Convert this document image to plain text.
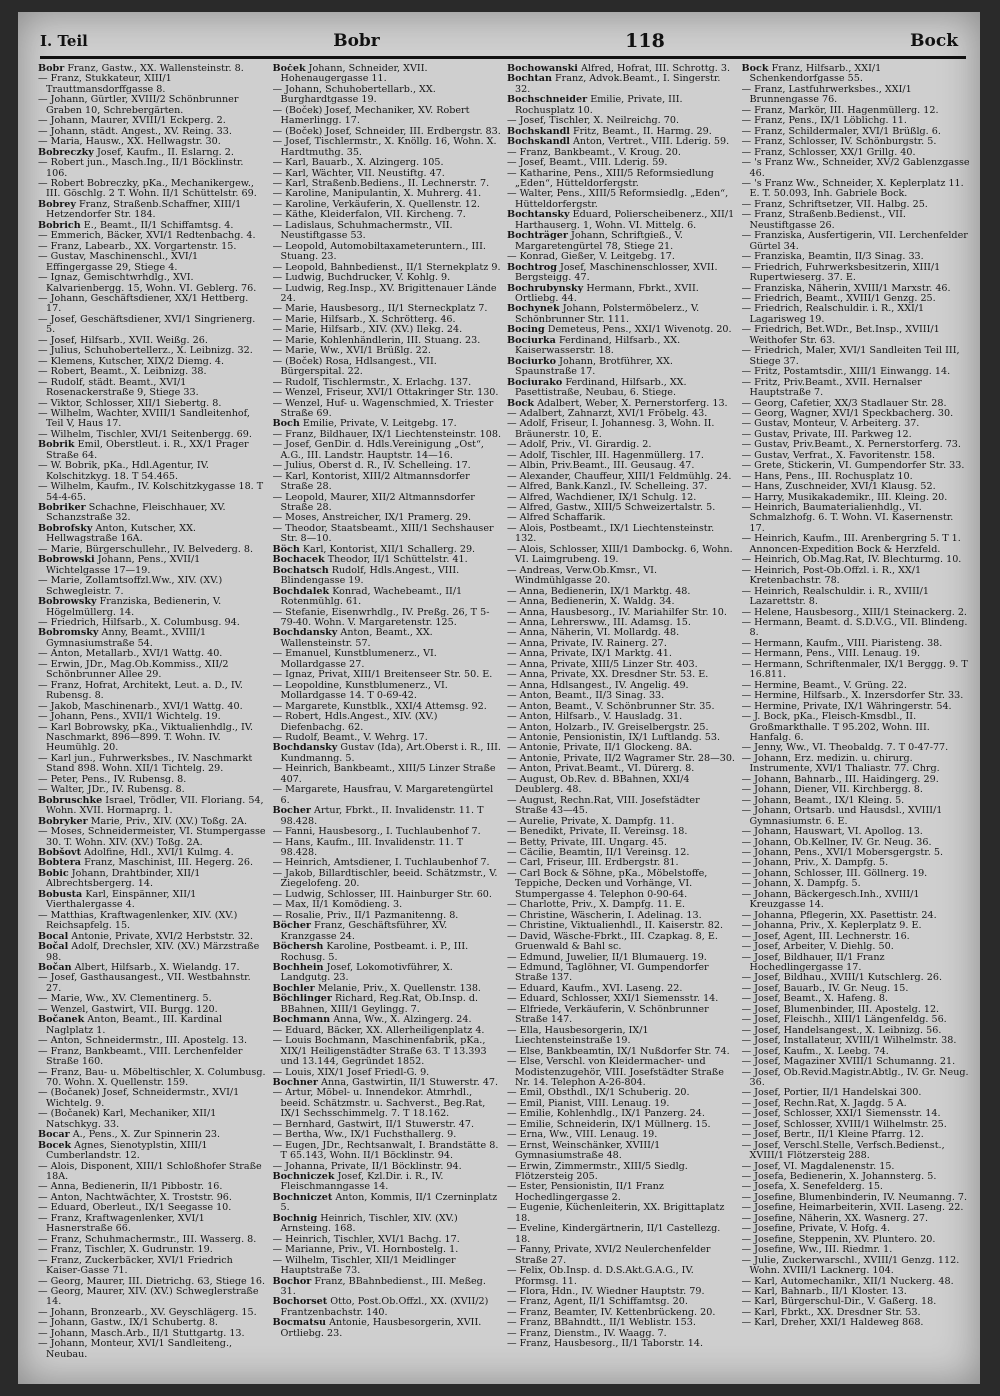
I. Teil	Bobr	118	Bock

Bobr Franz, Gastw., XX. Wallensteinstr. 8.

— Franz, Stukkateur, XIII/1 Trauttmansdorffgasse 8.

— Johann, Gürtler, XVIII/2 Schönbrunner Graben 10, Schrebergärten.

— Johann, Maurer, XVIII/1 Eckperg. 2.

— Johann, städt. Angest., XV. Reing. 33.

— Maria, Hausw., XX. Hellwagstr. 30.

Bobreczky Josef, Kaufm., II. Eslarng. 2.

— Robert jun., Masch.Ing., II/1 Böcklinstr. 106.

— Robert Bobreczky, pKa., Mechanikergew., III. Göschlg. 2 T. Wohn. II/1 Schüttelstr. 69.

Bobrey Franz, Straßenb.Schaffner, XIII/1 Hetzendorfer Str. 184.

Bobrich E., Beamt., II/1 Schiffamtsg. 4.

— Emmerich, Bäcker, XVI/1 Redtenbachg. 4.

— Franz, Labearb., XX. Vorgartenstr. 15.

— Gustav, Maschinenschl., XVI/1 Effingergasse 29, Stiege 4.

— Ignaz, Gemischtwrhdlg., XVI. Kalvarienbergg. 15, Wohn. VI. Geblerg. 76.

— Johann, Geschäftsdiener, XX/1 Hettberg. 17.

— Josef, Geschäftsdiener, XVI/1 Singrienerg. 5.

— Josef, Hilfsarb., XVII. Weißg. 26.

— Julius, Schuhobertellerz., X. Leibnizg. 32.

— Klemens, Kutscher, XIX/2 Diemg. 4.

— Robert, Beamt., X. Leibnizg. 38.

— Rudolf, städt. Beamt., XVI/1 Rosenackerstraße 9, Stiege 33.

— Viktor, Schlosser, XII/1 Siebertg. 8.

— Wilhelm, Wachter, XVIII/1 Sandleitenhof, Teil V, Haus 17.

— Wilhelm, Tischler, XVI/1 Seitenbergg. 69.

Bobrik Emil, Oberstleut. i. R., XX/1 Prager Straße 64.

— W. Bobrik, pKa., Hdl.Agentur, IV. Kolschitzkyg. 18. T 54.465.

— Wilhelm, Kaufm., IV. Kolschitzkygasse 18. T 54-4-65.

Bobriker Schachne, Fleischhauer, XV. Schanzstraße 32.

Bobrofsky Anton, Kutscher, XX. Hellwagstraße 16A.

— Marie, Bürgerschullehr., IV. Belvederg. 8.

Bobrowski Johann, Pens., XVII/1 Wichtelgasse 17—19.

— Marie, Zollamtsoffzl.Ww., XIV. (XV.) Schwegleistr. 7.

Bobrowsky Franziska, Bedienerin, V. Högelmüllerg. 14.

— Friedrich, Hilfsarb., X. Columbusg. 94.

Bobromsky Anny, Beamt., XVIII/1 Gymnasiumstraße 54.

— Anton, Metallarb., XVI/1 Wattg. 40.

— Erwin, JDr., Mag.Ob.Kommiss., XII/2 Schönbrunner Allee 29.

— Franz, Hofrat, Architekt, Leut. a. D., IV. Rubensg. 8.

— Jakob, Maschinenarb., XVI/1 Wattg. 40.

— Johann, Pens., XVII/1 Wichtelg. 19.

— Karl Bobrowsky, pKa., Viktualienhdlg., IV. Naschmarkt, 896—899. T. Wohn. IV. Heumühlg. 20.

— Karl jun., Fuhrwerksbes., IV. Naschmarkt Stand 898. Wohn. XII/1 Tichtelg. 29.

— Peter, Pens., IV. Rubensg. 8.

— Walter, JDr., IV. Rubensg. 8.

Bobruschke Israel, Trödler, VII. Floriang. 54, Wohn. XVII. Hormaprg. 1.

Bobryker Marie, Priv., XIV. (XV.) Toßg. 2A.

— Moses, Schneidermeister, VI. Stumpergasse 30. T. Wohn. XIV. (XV.) Toßg. 2A.

Bobšovt Adolfine, Hdl., XVI/1 Kulmg. 4.

Bobtera Franz, Maschinist, III. Hegerg. 26.

Bobic Johann, Drahtbinder, XII/1 Albrechtsbergerg. 14.

Bobusta Karl, Einspänner, XII/1 Vierthalergasse 4.

— Matthias, Kraftwagenlenker, XIV. (XV.) Reichsapfelg. 15.

Bocal Antonie, Private, XVI/2 Herbststr. 32.

Bočal Adolf, Drechsler, XIV. (XV.) Märzstraße 98.

Bočan Albert, Hilfsarb., X. Wielandg. 17.

— Josef, Gasthausangest., VII. Westbahnstr. 27.

— Marie, Ww., XV. Clementinerg. 5.

— Wenzel, Gastwirt, VII. Burgg. 120.

Bočanek Anton, Beamt., III. Kardinal Naglplatz 1.

— Anton, Schneidermstr., III. Apostelg. 13.

— Franz, Bankbeamt., VIII. Lerchenfelder Straße 160.

— Franz, Bau- u. Möbeltischler, X. Columbusg. 70. Wohn. X. Quellenstr. 159.

— (Bočanek) Josef, Schneidermstr., XVI/1 Wichtelg. 9.

— (Bočanek) Karl, Mechaniker, XII/1 Natschkyg. 33.

Bocar A., Pens., X. Zur Spinnerin 23.

Bocek Agnes, Sienotyplstin, XIII/1 Cumberlandstr. 12.

— Alois, Disponent, XIII/1 Schloßhofer Straße 18A.

— Anna, Bedienerin, II/1 Pibbostr. 16.

— Anton, Nachtwächter, X. Troststr. 96.

— Eduard, Oberleut., IX/1 Seegasse 10.

— Franz, Kraftwagenlenker, XVI/1 Hasnerstraße 66.

— Franz, Schuhmachermstr., III. Wasserg. 8.

— Franz, Tischler, X. Gudrunstr. 19.

— Franz, Zuckerbäcker, XVI/1 Friedrich Kaiser-Gasse 71.

— Georg, Maurer, III. Dietrichg. 63, Stiege 16.

— Georg, Maurer, XIV. (XV.) Schweglerstraße 14.

— Johann, Bronzearb., XV. Geyschlägerg. 15.

— Johann, Gastw., IX/1 Schubertg. 8.

— Johann, Masch.Arb., II/1 Stuttgartg. 13.

— Johann, Monteur, XVI/1 Sandleiteng., Neubau.

Boček Johann, Schneider, XVII. Hohenaugergasse 11.

— Johann, Schuhobertellarb., XX. Burghardtgasse 19.

— (Boček) Josef, Mechaniker, XV. Robert Hamerlingg. 17.

— (Boček) Josef, Schneider, III. Erdbergstr. 83.

— Josef, Tischlermstr., X. Knöllg. 16, Wohn. X. Hardtmuthg. 35.

— Karl, Bauarb., X. Alzingerg. 105.

— Karl, Wächter, VII. Neustiftg. 47.

— Karl, Straßenb.Bediens., II. Lechnerstr. 7.

— Karoline, Manipulantin, X. Muhrerg. 41.

— Karoline, Verkäuferin, X. Quellenstr. 12.

— Käthe, Kleiderfalon, VII. Kircheng. 7.

— Ladislaus, Schuhmachermstr., VII. Neustiftgasse 53.

— Leopold, Automobiltaxameteruntern., III. Stuang. 23.

— Leopold, Bahnbedienst., II/1 Sternekplatz 9.

— Ludwig, Buchdrucker, V. Kohlg. 9.

— Ludwig, Reg.Insp., XV. Brigittenauer Lände 24.

— Marie, Hausbesorg., II/1 Sterneckplatz 7.

— Marie, Hilfsarb., X. Schrötterg. 46.

— Marie, Hilfsarb., XIV. (XV.) Ilekg. 24.

— Marie, Kohlenhändlerin, III. Stuang. 23.

— Marie, Ww., XVI/1 Brüßlg. 22.

— (Boček) Rosa, Hdlsangest., VII. Bürgerspital. 22.

— Rudolf, Tischlermstr., X. Erlachg. 137.

— Wenzel, Friseur, XVI/1 Ottakringer Str. 130.

— Wenzel, Huf- u. Wagenschmied, X. Triester Straße 69.

Boch Emilie, Private, V. Leitgebg. 17.

— Franz, Bildhauer, IX/1 Liechtensteinstr. 108.

— Josef, GenDir. d. Hdls.Vereinigung „Ost“, A.G., III. Landstr. Hauptstr. 14—16.

— Julius, Oberst d. R., IV. Schelleing. 17.

— Karl, Kontorist, XIII/2 Altmannsdorfer Straße 28.

— Leopold, Maurer, XII/2 Altmannsdorfer Straße 28.

— Moses, Anstreicher, IX/1 Pramerg. 29.

— Theodor, Staatsbeamt., XIII/1 Sechshauser Str. 8—10.

Böch Karl, Kontorist, XII/1 Schallerg. 29.

Bochacek Theodor, II/1 Schüttelstr. 41.

Bochatsch Rudolf, Hdls.Angest., VIII. Blindengasse 19.

Bochdalek Konrad, Wachebeamt., II/1 Rotenmühlg. 61.

— Stefanie, Eisenwrhdlg., IV. Preßg. 26, T 5-79-40. Wohn. V. Margaretenstr. 125.

Bochdansky Anton, Beamt., XX. Wallensteinstr. 57.

— Emanuel, Kunstblumenerz., VI. Mollardgasse 27.

— Ignaz, Privat, XIII/1 Breitenseer Str. 50. E.

— Leopoldine, Kunstblumenerz., VI. Mollardgasse 14. T 0-69-42.

— Margarete, Kunstblk., XXI/4 Attemsg. 92.

— Robert, Hdls.Angest., XIV. (XV.) Diefenbachg. 62.

— Rudolf, Beamt., V. Wehrg. 17.

Bochdansky Gustav (Ida), Art.Oberst i. R., III. Kundmanng. 5.

— Heinrich, Bankbeamt., XIII/5 Linzer Straße 407.

— Margarete, Hausfrau, V. Margaretengürtel 6.

Bocher Artur, Fbrkt., II. Invalidenstr. 11. T 98.428.

— Fanni, Hausbesorg., I. Tuchlaubenhof 7.

— Hans, Kaufm., III. Invalidenstr. 11. T 98.428.

— Heinrich, Amtsdiener, I. Tuchlaubenhof 7.

— Jakob, Billardtischler, beeid. Schätzmstr., V. Ziegelofeng. 20.

— Ludwig, Schlosser, III. Hainburger Str. 60.

— Max, II/1 Komödieng. 3.

— Rosalie, Priv., II/1 Pazmanitenng. 8.

Böcher Franz, Geschäftsführer, XV. Kranzgasse 24.

Böchersh Karoline, Postbeamt. i. P., III. Rochusg. 5.

Bochhein Josef, Lokomotivführer, X. Landgutg. 23.

Bochler Melanie, Priv., X. Quellenstr. 138.

Böchlinger Richard, Reg.Rat, Ob.Insp. d. BBahnen, XIII/1 Geylingg. 7.

Bochmann Anna, Ww., X. Alzingerg. 24.

— Eduard, Bäcker, XX. Allerheiligenplatz 4.

— Louis Bochmann, Maschinenfabrik, pKa., XIX/1 Heiligenstädter Straße 63. T 13.393 und 13.144, Gegründet 1852.

— Louis, XIX/1 Josef Friedl-G. 9.

Bochner Anna, Gastwirtin, II/1 Stuwerstr. 47.

— Artur, Möbel- u. Innendekor. Atmrhdl., beeid. Schätzmstr. u. Sachverst., Beg.Rat, IX/1 Sechsschimmelg. 7. T 18.162.

— Bernhard, Gastwirt, II/1 Stuwerstr. 47.

— Bertha, Ww., IX/1 Fuchsthallerg. 9.

— Eugen, JDr., Rechtsanwalt, I. Brandstätte 8. T 65.143, Wohn. II/1 Böcklinstr. 94.

— Johanna, Private, II/1 Böcklinstr. 94.

Bochniczek Josef, Kzl.Dir. i. R., IV. Fleischmanngasse 14.

Bochniczet Anton, Kommis, II/1 Czerninplatz 5.

Bochnig Heinrich, Tischler, XIV. (XV.) Arnsteing. 168.

— Heinrich, Tischler, XVI/1 Bachg. 17.

— Marianne, Priv., VI. Hornbostelg. 1.

— Wilhelm, Tischler, XII/1 Meidlinger Hauptstraße 73.

Bochor Franz, BBahnbedienst., III. Meßeg. 31.

Bochorset Otto, Post.Ob.Offzl., XX. (XVII/2) Frantzenbachstr. 140.

Bocmatsu Antonie, Hausbesorgerin, XVII. Ortliebg. 23.

Bochowanski Alfred, Hofrat, III. Schrottg. 3.

Bochtan Franz, Advok.Beamt., I. Singerstr. 32.

Bochschneider Emilie, Private, III. Rochusplatz 10.

— Josef, Tischler, X. Neilreichg. 70.

Bochskandl Fritz, Beamt., II. Harmg. 29.

Bochskandl Anton, Vertret., VIII. Lderig. 59.

— Franz, Bankbeamt., V. Kroug. 20.

— Josef, Beamt., VIII. Lderig. 59.

— Katharine, Pens., XIII/5 Reformsiedlung „Eden“, Hütteldorfergstr.

— Walter, Pens., XIII/5 Reformsiedlg. „Eden“, Hütteldorfergstr.

Bochtansky Eduard, Polierscheibenerz., XII/1 Harthauserg. 1, Wohn. VI. Mittelg. 6.

Bochträger Johann, Schriftgieß., V. Margaretengürtel 78, Stiege 21.

— Konrad, Gießer, V. Leitgebg. 17.

Bochtrog Josef, Maschinenschlosser, XVII. Bergsteigg. 47.

Bochrubynsky Hermann, Fbrkt., XVII. Ortliebg. 44.

Bochynek Johann, Polstermöbelerz., V. Schönbrunner Str. 111.

Bocing Demeteus, Pens., XXI/1 Wivenotg. 20.

Bociurka Ferdinand, Hilfsarb., XX. Kaiserwasserstr. 18.

Bociurko Johann, Brotführer, XX. Spaunstraße 17.

Bociurako Ferdinand, Hilfsarb., XX. Pasettistraße, Neubau, 6. Stiege.

Bock Adalbert, Weber, X. Pernerstorferg. 13.

— Adalbert, Zahnarzt, XVI/1 Fröbelg. 43.

— Adolf, Friseur, I. Johannesg. 3, Wohn. II. Bräunerstr. 10, E.

— Adolf, Priv., VI. Girardig. 2.

— Adolf, Tischler, III. Hagenmüllerg. 17.

— Albin, Priv.Beamt., III. Geusaug. 47.

— Alexander, Chauffeur, XIII/1 Feldmühlg. 24.

— Alfred, Bank.Kanzl., IV. Schelleing. 37.

— Alfred, Wachdiener, IX/1 Schulg. 12.

— Alfred, Gastw., XIII/5 Schweizertalstr. 5.

— Alfred Schaffarik.

— Alois, Postbeamt., IX/1 Liechtensteinstr. 132.

— Alois, Schlosser, XIII/1 Dambockg. 6, Wohn. VI. Laimgrubeng. 19.

— Andreas, Verw.Ob.Kmsr., VI. Windmühlgasse 20.

— Anna, Bedienerin, IX/1 Marktg. 48.

— Anna, Bedienerin, X. Waldg. 34.

— Anna, Hausbesorg., IV. Mariahilfer Str. 10.

— Anna, Lehrersww., III. Adamsg. 15.

— Anna, Näherin, VI. Mollardg. 48.

— Anna, Private, IV. Rainerg. 27.

— Anna, Private, IX/1 Marktg. 41.

— Anna, Private, XIII/5 Linzer Str. 403.

— Anna, Private, XX. Dresdner Str. 53. E.

— Anna, Hdlsangest., IV. Angelig. 49.

— Anton, Beamt., II/3 Sinag. 33.

— Anton, Beamt., V. Schönbrunner Str. 35.

— Anton, Hilfsarb., V. Hausladg. 31.

— Anton, Holzarb., IV. Greiselbergstr. 25.

— Antonie, Pensionistin, IX/1 Luftlandg. 53.

— Antonie, Private, II/1 Glockeng. 8A.

— Antonie, Private, II/2 Wagramer Str. 28—30.

— Anton, Privat.Beamt., VI. Dürerg. 8.

— August, Ob.Rev. d. BBahnen, XXI/4 Deublerg. 48.

— August, Rechn.Rat, VIII. Josefstädter Straße 43—45.

— Aurelie, Private, X. Dampfg. 11.

— Benedikt, Private, II. Vereinsg. 18.

— Betty, Private, III. Ungarg. 45.

— Cäcilie, Beamtin, II/1 Vereinsg. 12.

— Carl, Friseur, III. Erdbergstr. 81.

— Carl Bock & Söhne, pKa., Möbelstoffe, Teppiche, Decken und Vorhänge, VI. Stumpergasse 4. Telephon 0-90-64.

— Charlotte, Priv., X. Dampfg. 11. E.

— Christine, Wäscherin, I. Adelinag. 13.

— Christine, Viktualienhdl., II. Kaiserstr. 82.

— David, Wäsche-Fbrkt., III. Czapkag. 8, E. Gruenwald & Bahl sc.

— Edmund, Juwelier, II/1 Blumauerg. 19.

— Edmund, Taglöhner, VI. Gumpendorfer Straße 137.

— Eduard, Kaufm., XVI. Laseng. 22.

— Eduard, Schlosser, XXI/1 Siemensstr. 14.

— Elfriede, Verkäuferin, V. Schönbrunner Straße 147.

— Ella, Hausbesorgerin, IX/1 Liechtensteinstraße 19.

— Else, Bankbeamtin, IX/1 Nußdorfer Str. 74.

— Else, Verschl. von Kleidermacher- und Modistenzugehör, VIII. Josefstädter Straße Nr. 14. Telephon A-26-804.

— Emil, Obsthdl., IX/1 Schuberig. 20.

— Emil, Pianist, VIII. Lenaug. 19.

— Emilie, Kohlenhdlg., IX/1 Panzerg. 24.

— Emilie, Schneiderin, IX/1 Müllnerg. 15.

— Erna, Ww., VIII. Lenaug. 19.

— Ernst, Weinschänker, XVIII/1 Gymnasiumstraße 48.

— Erwin, Zimmermstr., XIII/5 Siedlg. Flötzersteig 205.

— Ester, Pensionistin, II/1 Franz Hochedlingergasse 2.

— Eugenie, Küchenleiterin, XX. Brigittaplatz 18.

— Eveline, Kindergärtnerin, II/1 Castellezg. 18.

— Fanny, Private, XVI/2 Neulerchenfelder Straße 27.

— Felix, Ob.Insp. d. D.S.Akt.G.A.G., IV. Pformsg. 11.

— Flora, Hdn., IV. Wiedner Hauptstr. 79.

— Franz, Agent, II/1 Schiffamtsg. 20.

— Franz, Beamter, IV. Kettenbrückeng. 20.

— Franz, BBahndtt., II/1 Weblistr. 153.

— Franz, Dienstm., IV. Waagg. 7.

— Franz, Hausbesorg., II/1 Taborstr. 14.

Bock Franz, Hilfsarb., XXI/1 Schenkendorfgasse 55.

— Franz, Lastfuhrwerksbes., XXI/1 Brunnengasse 76.

— Franz, Markör, III. Hagenmüllerg. 12.

— Franz, Pens., IX/1 Löblichg. 11.

— Franz, Schildermaler, XVI/1 Brüßlg. 6.

— Franz, Schlosser, IV. Schönburgstr. 5.

— Franz, Schlosser, XX/1 Grillg. 40.

— 's Franz Ww., Schneider, XV/2 Gablenzgasse 46.

— 's Franz Ww., Schneider, X. Keplerplatz 11. E. T. 50.093, Inh. Gabriele Bock.

— Franz, Schriftsetzer, VII. Halbg. 25.

— Franz, Straßenb.Bedienst., VII. Neustiftgasse 26.

— Franziska, Ausfertigerin, VII. Lerchenfelder Gürtel 34.

— Franziska, Beamtin, II/3 Sinag. 33.

— Friedrich, Fuhrwerksbesitzerin, XIII/1 Rupertwieserg. 37. E.

— Franziska, Näherin, XVIII/1 Marxstr. 46.

— Friedrich, Beamt., XVIII/1 Genzg. 25.

— Friedrich, Realschuldir. i. R., XXI/1 Lagarisweg 19.

— Friedrich, Bet.WDr., Bet.Insp., XVIII/1 Weithofer Str. 63.

— Friedrich, Maler, XVI/1 Sandleiten Teil III, Stiege 37.

— Fritz, Postamtsdir., XIII/1 Einwangg. 14.

— Fritz, Priv.Beamt., XVII. Hernalser Hauptstraße 7.

— Georg, Cafetier, XX/3 Stadlauer Str. 28.

— Georg, Wagner, XVI/1 Speckbacherg. 30.

— Gustav, Monteur, V. Arbeiterg. 37.

— Gustav, Private, III. Parkweg 12.

— Gustav, Priv.Beamt., X. Pernerstorferg. 73.

— Gustav, Verfrat., X. Favoritenstr. 158.

— Grete, Stickerin, VI. Gumpendorfer Str. 33.

— Hans, Pens., III. Rochusplatz 10.

— Hans, Zuschneider, XVI/1 Klausg. 52.

— Harry, Musikakademikr., III. Kleing. 20.

— Heinrich, Baumaterialienhdlg., VI. Schmalzhofg. 6. T. Wohn. VI. Kasernenstr. 17.

— Heinrich, Kaufm., III. Arenbergring 5. T 1. Annoncen-Expedition Bock & Herzfeld.

— Heinrich, Ob.Mag.Rat, IV. Blechturmg. 10.

— Heinrich, Post-Ob.Offzl. i. R., XX/1 Kretenbachstr. 78.

— Heinrich, Realschuldir. i. R., XVIII/1 Lazarettstr. 8.

— Helene, Hausbesorg., XIII/1 Steinackerg. 2.

— Hermann, Beamt. d. S.D.V.G., VII. Blindeng. 8.

— Hermann, Kaufm., VIII. Piaristeng. 38.

— Hermann, Pens., VIII. Lenaug. 19.

— Hermann, Schriftenmaler, IX/1 Berggg. 9. T 16.811.

— Hermine, Beamt., V. Grüng. 22.

— Hermine, Hilfsarb., X. Inzersdorfer Str. 33.

— Hermine, Private, IX/1 Währingerstr. 54.

— J. Bock, pKa., Fleisch-Kmsdbl., II. Großmarkthalle. T 95.202, Wohn. III. Hanfalg. 6.

— Jenny, Ww., VI. Theobaldg. 7. T 0-47-77.

— Johann, Erz. medizin. u. chirurg. Instrumente, XVI/1 Thaliastr. 77. Chrg.

— Johann, Bahnarb., III. Haidingerg. 29.

— Johann, Diener, VII. Kirchbergg. 8.

— Johann, Beamt., IX/1 Kleing. 5.

— Johann, Ortsarb. und Hausdsl., XVIII/1 Gymnasiumstr. 6. E.

— Johann, Hauswart, VI. Apollog. 13.

— Johann, Ob.Kellner, IV. Gr. Neug. 36.

— Johann, Pens., XVI/1 Mobersgergstr. 5.

— Johann, Priv., X. Dampfg. 5.

— Johann, Schlosser, III. Göllnerg. 19.

— Johann, X. Dampfg. 5.

— Johann, Bäckergesch.Inh., XVIII/1 Kreuzgasse 14.

— Johanna, Pflegerin, XX. Pasettistr. 24.

— Johanna, Priv., X. Keplerplatz 9. E.

— Josef, Agent, III. Lechnerstr. 16.

— Josef, Arbeiter, V. Diehlg. 50.

— Josef, Bildhauer, II/1 Franz Hochedlingergasse 17.

— Josef, Bildhau., XVIII/1 Kutschlerg. 26.

— Josef, Bauarb., IV. Gr. Neug. 15.

— Josef, Beamt., X. Hafeng. 8.

— Josef, Blumenbinder, III. Apostelg. 12.

— Josef, Fleischh., XIII/1 Längenfeldg. 56.

— Josef, Handelsangest., X. Leibnizg. 56.

— Josef, Installateur, XVIII/1 Wilhelmstr. 38.

— Josef, Kaufm., X. Leebg. 74.

— Josef, Magaziner XVIII/1 Schumanng. 21.

— Josef, Ob.Revid.Magistr.Abtlg., IV. Gr. Neug. 36.

— Josef, Portier, II/1 Handelskai 300.

— Josef, Rechn.Rat, X. Jagdg. 5 A.

— Josef, Schlosser, XXI/1 Siemensstr. 14.

— Josef, Schlosser, XVIII/1 Wilhelmstr. 25.

— Josef, Bertr., II/1 Kleine Pfarrg. 12.

— Josef, Verschl.Stelle, Verfsch.Bedienst., XVIII/1 Flötzersteig 288.

— Josef, VI. Magdalenenstr. 15.

— Josefa, Bedienerin, X. Johannsterg. 5.

— Josefa, X. Senefelderg. 15.

— Josefine, Blumenbinderin, IV. Neumanng. 7.

— Josefine, Heimarbeiterin, XVII. Laseng. 22.

— Josefine, Näherin, XX. Wasnerg. 27.

— Josefine, Private, V. Hofg. 4.

— Josefine, Steppenin, XV. Pluntero. 20.

— Josefine, Ww., III. Riedmr. 1.

— Julie, Zuckerwarschl., XVIII/1 Genzg. 112. Wohn. XVIII/1 Lacknerg. 104.

— Karl, Automechanikr., XII/1 Nuckerg. 48.

— Karl, Bahnarb., II/1 Kloster. 13.

— Karl, Bürgerschul-Dir., V. Gaßerg. 18.

— Karl, Fbrkt., XX. Dresdner Str. 53.

— Karl, Dreher, XXI/1 Haldeweg 868.
